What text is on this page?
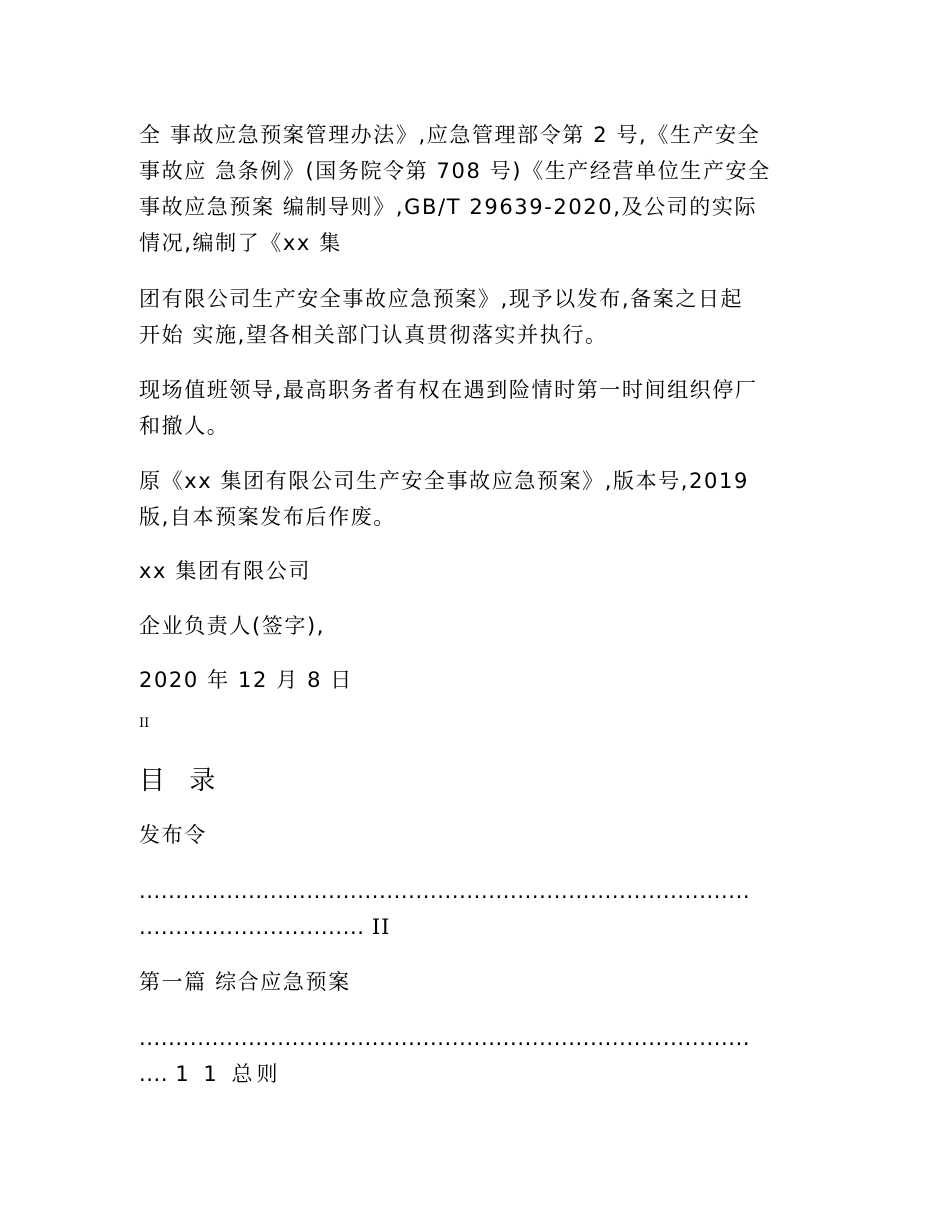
全 事故应急预案管理办法》,应急管理部令第 2 号,《生产安全
事故应 急条例》(国务院令第 708 号)《生产经营单位生产安全
事故应急预案 编制导则》,GB/T 29639-2020,及公司的实际
情况,编制了《xx 集
团有限公司生产安全事故应急预案》,现予以发布,备案之日起
开始 实施,望各相关部门认真贯彻落实并执行。
现场值班领导,最高职务者有权在遇到险情时第一时间组织停厂
和撤人。
原《xx 集团有限公司生产安全事故应急预案》,版本号,2019
版,自本预案发布后作废。
xx 集团有限公司
企业负责人(签字),
2020 年 12 月 8 日
II
目 录
发布令
....................................................................................
............................... II
第一篇 综合应急预案
....................................................................................
.... 1 1 总则
